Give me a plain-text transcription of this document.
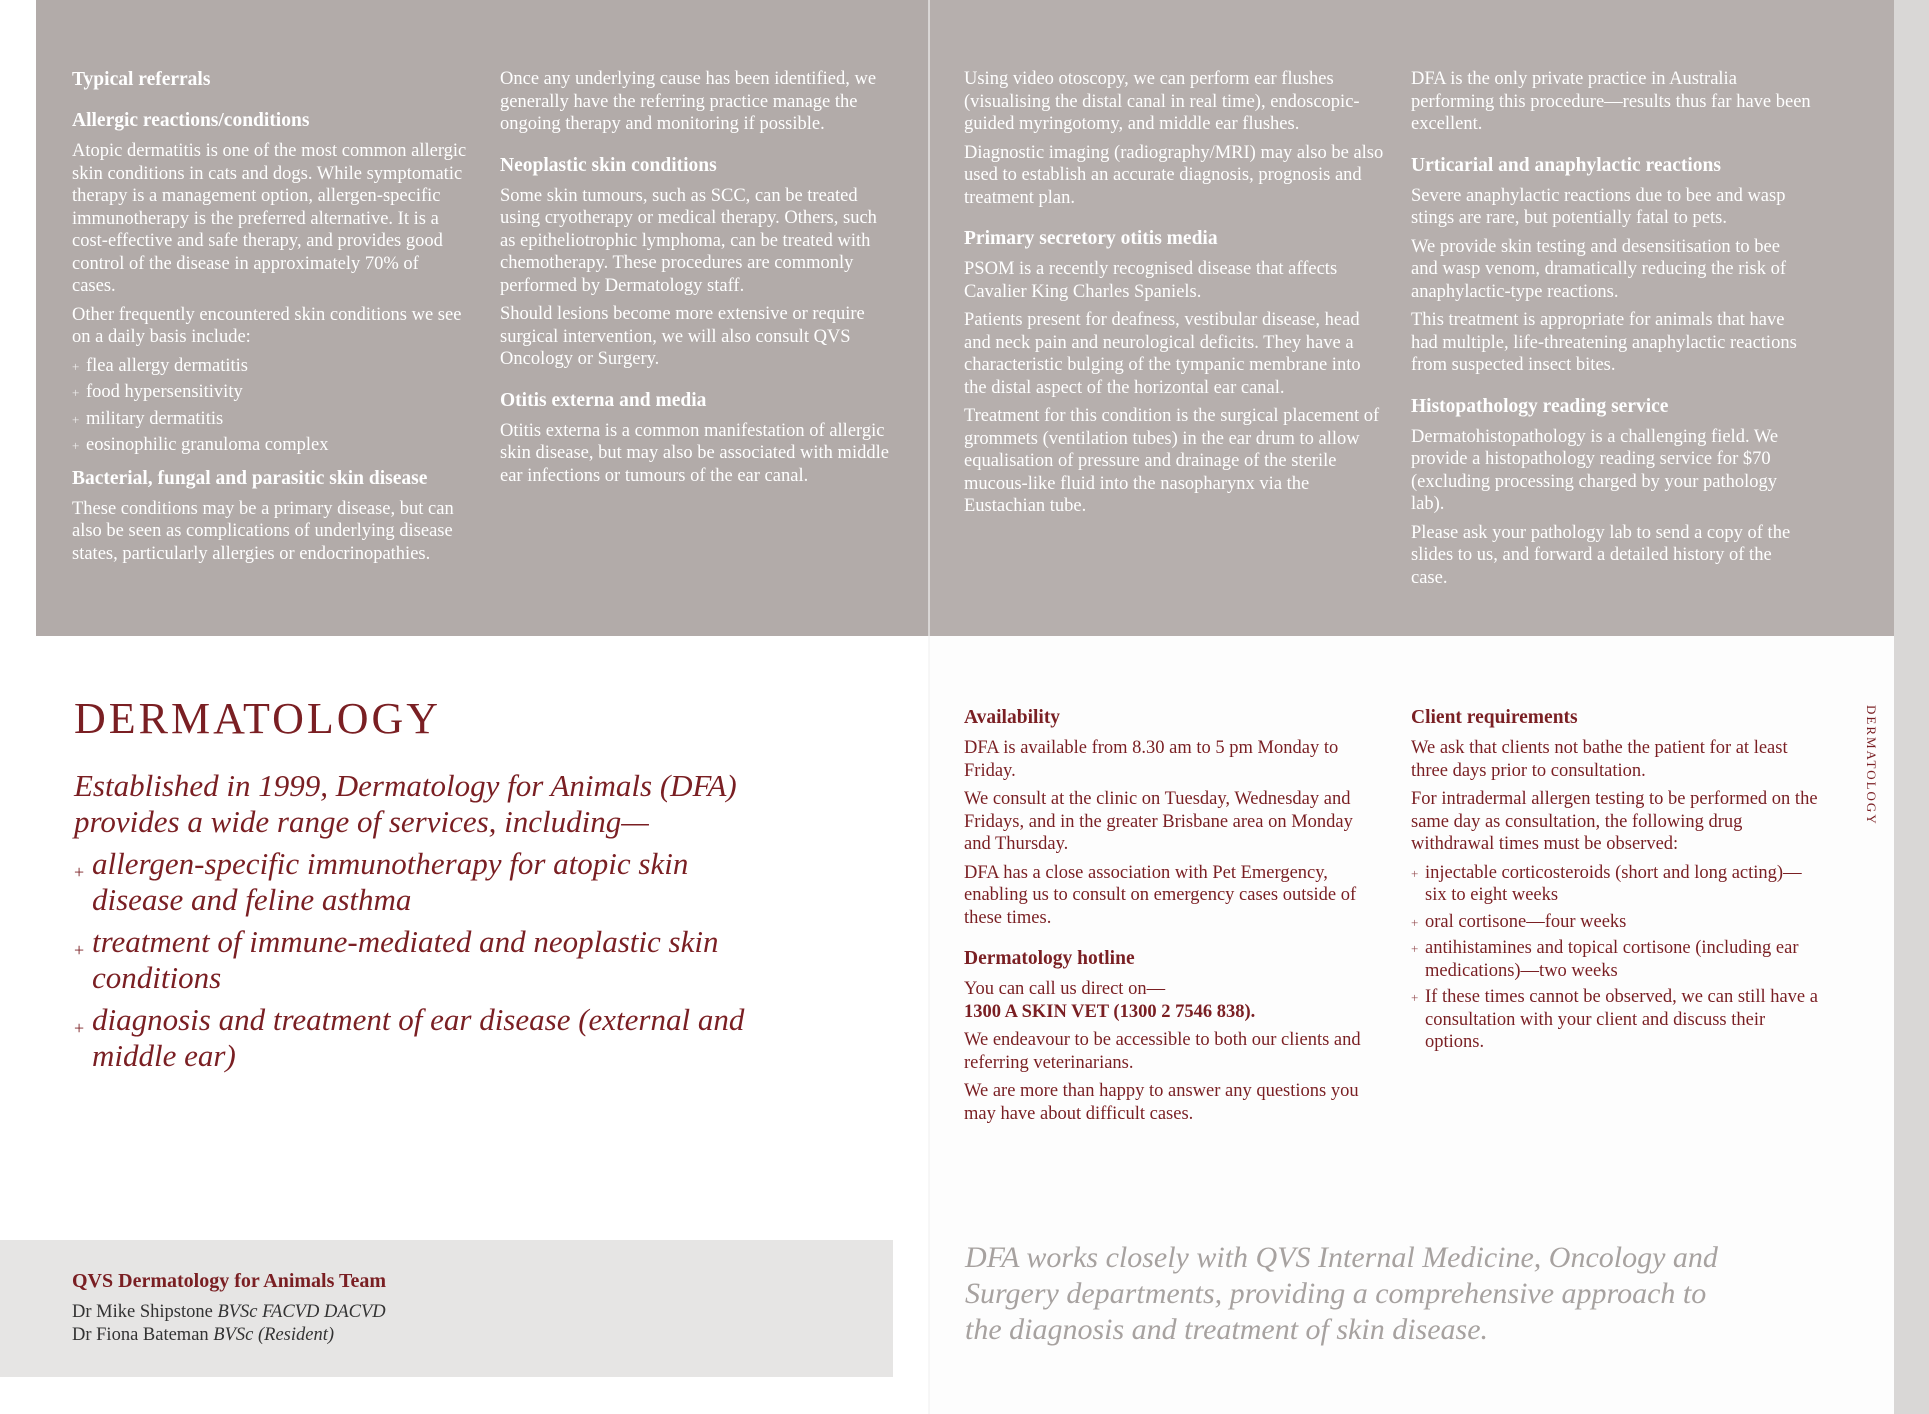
Typical referrals
Allergic reactions/conditions

Atopic dermatitis is one of the most common allergic skin conditions in cats and dogs. While symptomatic therapy is a management option, allergen-specific immunotherapy is the preferred alternative. It is a cost-effective and safe therapy, and provides good control of the disease in approximately 70% of cases.

Other frequently encountered skin conditions we see on a daily basis include:

+ flea allergy dermatitis
+ food hypersensitivity
+ military dermatitis
+ eosinophilic granuloma complex
Bacterial, fungal and parasitic skin disease

These conditions may be a primary disease, but can also be seen as complications of underlying disease states, particularly allergies or endocrinopathies.

Once any underlying cause has been identified, we generally have the referring practice manage the ongoing therapy and monitoring if possible.

Neoplastic skin conditions

Some skin tumours, such as SCC, can be treated using cryotherapy or medical therapy. Others, such as epitheliotrophic lymphoma, can be treated with chemotherapy. These procedures are commonly performed by Dermatology staff.

Should lesions become more extensive or require surgical intervention, we will also consult QVS Oncology or Surgery.

Otitis externa and media

Otitis externa is a common manifestation of allergic skin disease, but may also be associated with middle ear infections or tumours of the ear canal.

Using video otoscopy, we can perform ear flushes (visualising the distal canal in real time), endoscopic-guided myringotomy, and middle ear flushes.

Diagnostic imaging (radiography/MRI) may also be also used to establish an accurate diagnosis, prognosis and treatment plan.

Primary secretory otitis media

PSOM is a recently recognised disease that affects Cavalier King Charles Spaniels.

Patients present for deafness, vestibular disease, head and neck pain and neurological deficits. They have a characteristic bulging of the tympanic membrane into the distal aspect of the horizontal ear canal.

Treatment for this condition is the surgical placement of grommets (ventilation tubes) in the ear drum to allow equalisation of pressure and drainage of the sterile mucous-like fluid into the nasopharynx via the Eustachian tube.

DFA is the only private practice in Australia performing this procedure—results thus far have been excellent.

Urticarial and anaphylactic reactions

Severe anaphylactic reactions due to bee and wasp stings are rare, but potentially fatal to pets.

We provide skin testing and desensitisation to bee and wasp venom, dramatically reducing the risk of anaphylactic-type reactions.

This treatment is appropriate for animals that have had multiple, life-threatening anaphylactic reactions from suspected insect bites.

Histopathology reading service

Dermatohistopathology is a challenging field. We provide a histopathology reading service for $70 (excluding processing charged by your pathology lab).

Please ask your pathology lab to send a copy of the slides to us, and forward a detailed history of the case.

DERMATOLOGY

Established in 1999, Dermatology for Animals (DFA) provides a wide range of services, including—

+ allergen-specific immunotherapy for atopic skin disease and feline asthma
+ treatment of immune-mediated and neoplastic skin conditions
+ diagnosis and treatment of ear disease (external and middle ear)
Availability

DFA is available from 8.30 am to 5 pm Monday to Friday.

We consult at the clinic on Tuesday, Wednesday and Fridays, and in the greater Brisbane area on Monday and Thursday.

DFA has a close association with Pet Emergency, enabling us to consult on emergency cases outside of these times.

Dermatology hotline

You can call us direct on—

1300 A SKIN VET (1300 2 7546 838).

We endeavour to be accessible to both our clients and referring veterinarians.

We are more than happy to answer any questions you may have about difficult cases.

Client requirements

We ask that clients not bathe the patient for at least three days prior to consultation.

For intradermal allergen testing to be performed on the same day as consultation, the following drug withdrawal times must be observed:

+ injectable corticosteroids (short and long acting)—six to eight weeks
+ oral cortisone—four weeks
+ antihistamines and topical cortisone (including ear medications)—two weeks
+ If these times cannot be observed, we can still have a consultation with your client and discuss their options.
DERMATOLOGY
QVS Dermatology for Animals Team
Dr Mike Shipstone BVSc FACVD DACVD
Dr Fiona Bateman BVSc (Resident)
DFA works closely with QVS Internal Medicine, Oncology and Surgery departments, providing a comprehensive approach to the diagnosis and treatment of skin disease.
